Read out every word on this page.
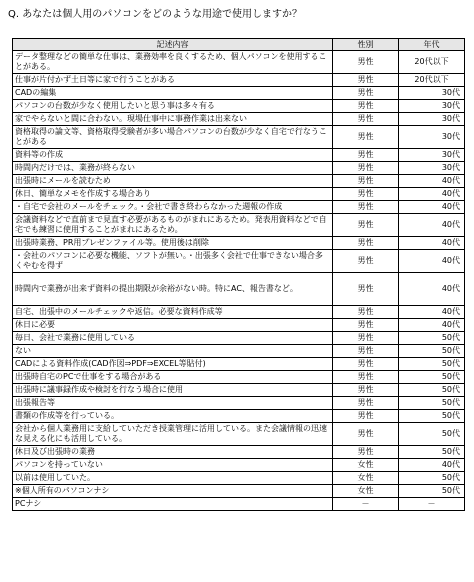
Q. あなたは個人用のパソコンをどのような用途で使用しますか？
記述内容	性別	年代
データ整理などの簡単な仕事は、業務効率を良くするため、個人パソコンを使用することがある。	男性	20代以下
仕事が片付かず土日等に家で行うことがある	男性	20代以下
CADの編集	男性	30代
パソコンの台数が少なく使用したいと思う事は多々有る	男性	30代
家でやらないと間に合わない。現場仕事中に事務作業は出来ない	男性	30代
資格取得の論文等、資格取得受験者が多い場合パソコンの台数が少なく自宅で行なうことがある	男性	30代
資料等の作成	男性	30代
時間内だけでは、業務が終らない	男性	30代
出張時にメールを読むため	男性	40代
休日、簡単なメモを作成する場合あり	男性	40代
・自宅で会社のメールをチェック。・会社で書き終わらなかった週報の作成	男性	40代
会議資料などで直前まで見直す必要があるものがまれにあるため。発表用資料などで自宅でも練習に使用することがまれにあるため。	男性	40代
出張時業務、PR用プレゼンファイル等。使用後は削除	男性	40代
・会社のパソコンに必要な機能、ソフトが無い。・出張多く会社で仕事できない場合多くやむを得ず	男性	40代
時間内で業務が出来ず資料の提出期限が余裕がない時。特にAC、報告書など。	男性	40代
自宅、出張中のメールチェックや返信。必要な資料作成等	男性	40代
休日に必要	男性	40代
毎日、会社で業務に使用している	男性	50代
ない	男性	50代
CADによる資料作成(CAD作図⇒PDF⇒EXCEL等貼付)	男性	50代
出張時自宅のPCで仕事をする場合がある	男性	50代
出張時に議事録作成や検討を行なう場合に使用	男性	50代
出張報告等	男性	50代
書類の作成等を行っている。	男性	50代
会社から個人業務用に支給していただき授業管理に活用している。また会議情報の迅速な見える化にも活用している。	男性	50代
休日及び出張時の業務	男性	50代
パソコンを持っていない	女性	40代
以前は使用していた。	女性	50代
※個人所有のパソコンナシ	女性	50代
PCナシ	－	－
